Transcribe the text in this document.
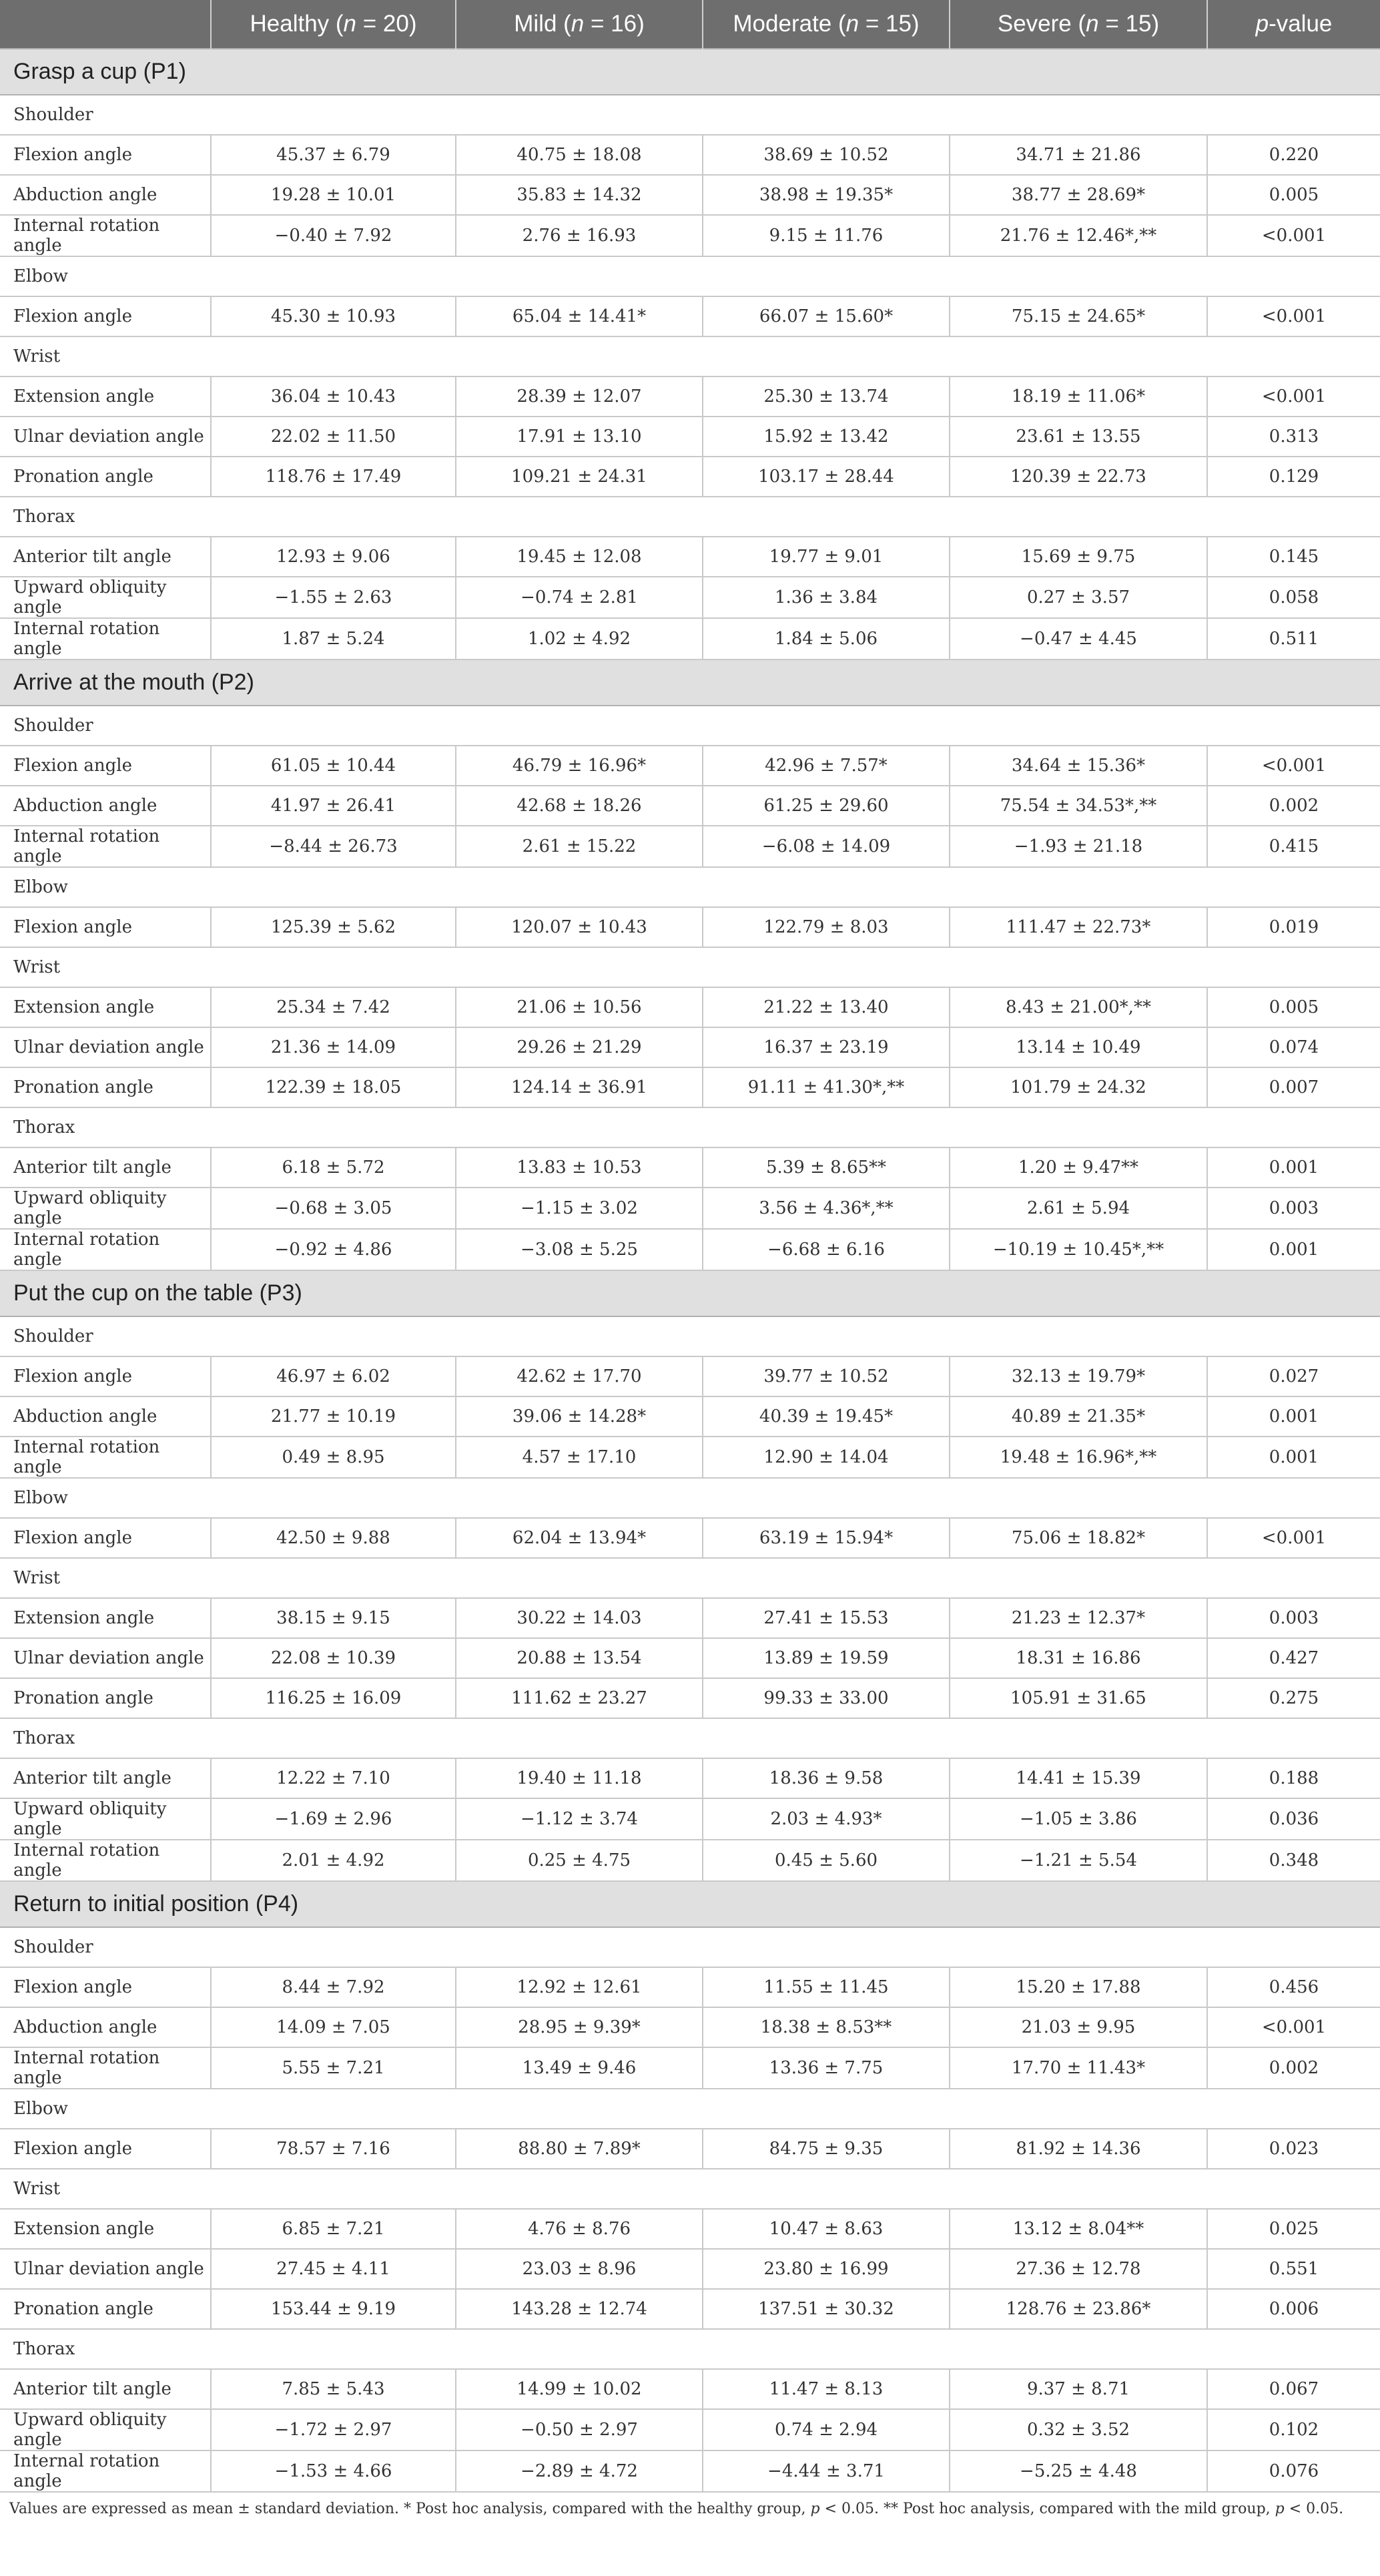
	Healthy (n = 20)	Mild (n = 16)	Moderate (n = 15)	Severe (n = 15)	p-value
Grasp a cup (P1)					
Shoulder					
Flexion angle	45.37 ± 6.79	40.75 ± 18.08	38.69 ± 10.52	34.71 ± 21.86	0.220
Abduction angle	19.28 ± 10.01	35.83 ± 14.32	38.98 ± 19.35*	38.77 ± 28.69*	0.005
Internal rotation angle	−0.40 ± 7.92	2.76 ± 16.93	9.15 ± 11.76	21.76 ± 12.46*,**	<0.001
Elbow					
Flexion angle	45.30 ± 10.93	65.04 ± 14.41*	66.07 ± 15.60*	75.15 ± 24.65*	<0.001
Wrist					
Extension angle	36.04 ± 10.43	28.39 ± 12.07	25.30 ± 13.74	18.19 ± 11.06*	<0.001
Ulnar deviation angle	22.02 ± 11.50	17.91 ± 13.10	15.92 ± 13.42	23.61 ± 13.55	0.313
Pronation angle	118.76 ± 17.49	109.21 ± 24.31	103.17 ± 28.44	120.39 ± 22.73	0.129
Thorax					
Anterior tilt angle	12.93 ± 9.06	19.45 ± 12.08	19.77 ± 9.01	15.69 ± 9.75	0.145
Upward obliquity angle	−1.55 ± 2.63	−0.74 ± 2.81	1.36 ± 3.84	0.27 ± 3.57	0.058
Internal rotation angle	1.87 ± 5.24	1.02 ± 4.92	1.84 ± 5.06	−0.47 ± 4.45	0.511
Arrive at the mouth (P2)					
Shoulder					
Flexion angle	61.05 ± 10.44	46.79 ± 16.96*	42.96 ± 7.57*	34.64 ± 15.36*	<0.001
Abduction angle	41.97 ± 26.41	42.68 ± 18.26	61.25 ± 29.60	75.54 ± 34.53*,**	0.002
Internal rotation angle	−8.44 ± 26.73	2.61 ± 15.22	−6.08 ± 14.09	−1.93 ± 21.18	0.415
Elbow					
Flexion angle	125.39 ± 5.62	120.07 ± 10.43	122.79 ± 8.03	111.47 ± 22.73*	0.019
Wrist					
Extension angle	25.34 ± 7.42	21.06 ± 10.56	21.22 ± 13.40	8.43 ± 21.00*,**	0.005
Ulnar deviation angle	21.36 ± 14.09	29.26 ± 21.29	16.37 ± 23.19	13.14 ± 10.49	0.074
Pronation angle	122.39 ± 18.05	124.14 ± 36.91	91.11 ± 41.30*,**	101.79 ± 24.32	0.007
Thorax					
Anterior tilt angle	6.18 ± 5.72	13.83 ± 10.53	5.39 ± 8.65**	1.20 ± 9.47**	0.001
Upward obliquity angle	−0.68 ± 3.05	−1.15 ± 3.02	3.56 ± 4.36*,**	2.61 ± 5.94	0.003
Internal rotation angle	−0.92 ± 4.86	−3.08 ± 5.25	−6.68 ± 6.16	−10.19 ± 10.45*,**	0.001
Put the cup on the table (P3)					
Shoulder					
Flexion angle	46.97 ± 6.02	42.62 ± 17.70	39.77 ± 10.52	32.13 ± 19.79*	0.027
Abduction angle	21.77 ± 10.19	39.06 ± 14.28*	40.39 ± 19.45*	40.89 ± 21.35*	0.001
Internal rotation angle	0.49 ± 8.95	4.57 ± 17.10	12.90 ± 14.04	19.48 ± 16.96*,**	0.001
Elbow					
Flexion angle	42.50 ± 9.88	62.04 ± 13.94*	63.19 ± 15.94*	75.06 ± 18.82*	<0.001
Wrist					
Extension angle	38.15 ± 9.15	30.22 ± 14.03	27.41 ± 15.53	21.23 ± 12.37*	0.003
Ulnar deviation angle	22.08 ± 10.39	20.88 ± 13.54	13.89 ± 19.59	18.31 ± 16.86	0.427
Pronation angle	116.25 ± 16.09	111.62 ± 23.27	99.33 ± 33.00	105.91 ± 31.65	0.275
Thorax					
Anterior tilt angle	12.22 ± 7.10	19.40 ± 11.18	18.36 ± 9.58	14.41 ± 15.39	0.188
Upward obliquity angle	−1.69 ± 2.96	−1.12 ± 3.74	2.03 ± 4.93*	−1.05 ± 3.86	0.036
Internal rotation angle	2.01 ± 4.92	0.25 ± 4.75	0.45 ± 5.60	−1.21 ± 5.54	0.348
Return to initial position (P4)					
Shoulder					
Flexion angle	8.44 ± 7.92	12.92 ± 12.61	11.55 ± 11.45	15.20 ± 17.88	0.456
Abduction angle	14.09 ± 7.05	28.95 ± 9.39*	18.38 ± 8.53**	21.03 ± 9.95	<0.001
Internal rotation angle	5.55 ± 7.21	13.49 ± 9.46	13.36 ± 7.75	17.70 ± 11.43*	0.002
Elbow					
Flexion angle	78.57 ± 7.16	88.80 ± 7.89*	84.75 ± 9.35	81.92 ± 14.36	0.023
Wrist					
Extension angle	6.85 ± 7.21	4.76 ± 8.76	10.47 ± 8.63	13.12 ± 8.04**	0.025
Ulnar deviation angle	27.45 ± 4.11	23.03 ± 8.96	23.80 ± 16.99	27.36 ± 12.78	0.551
Pronation angle	153.44 ± 9.19	143.28 ± 12.74	137.51 ± 30.32	128.76 ± 23.86*	0.006
Thorax					
Anterior tilt angle	7.85 ± 5.43	14.99 ± 10.02	11.47 ± 8.13	9.37 ± 8.71	0.067
Upward obliquity angle	−1.72 ± 2.97	−0.50 ± 2.97	0.74 ± 2.94	0.32 ± 3.52	0.102
Internal rotation angle	−1.53 ± 4.66	−2.89 ± 4.72	−4.44 ± 3.71	−5.25 ± 4.48	0.076
Values are expressed as mean ± standard deviation. * Post hoc analysis, compared with the healthy group, p < 0.05. ** Post hoc analysis, compared with the mild group, p < 0.05.
